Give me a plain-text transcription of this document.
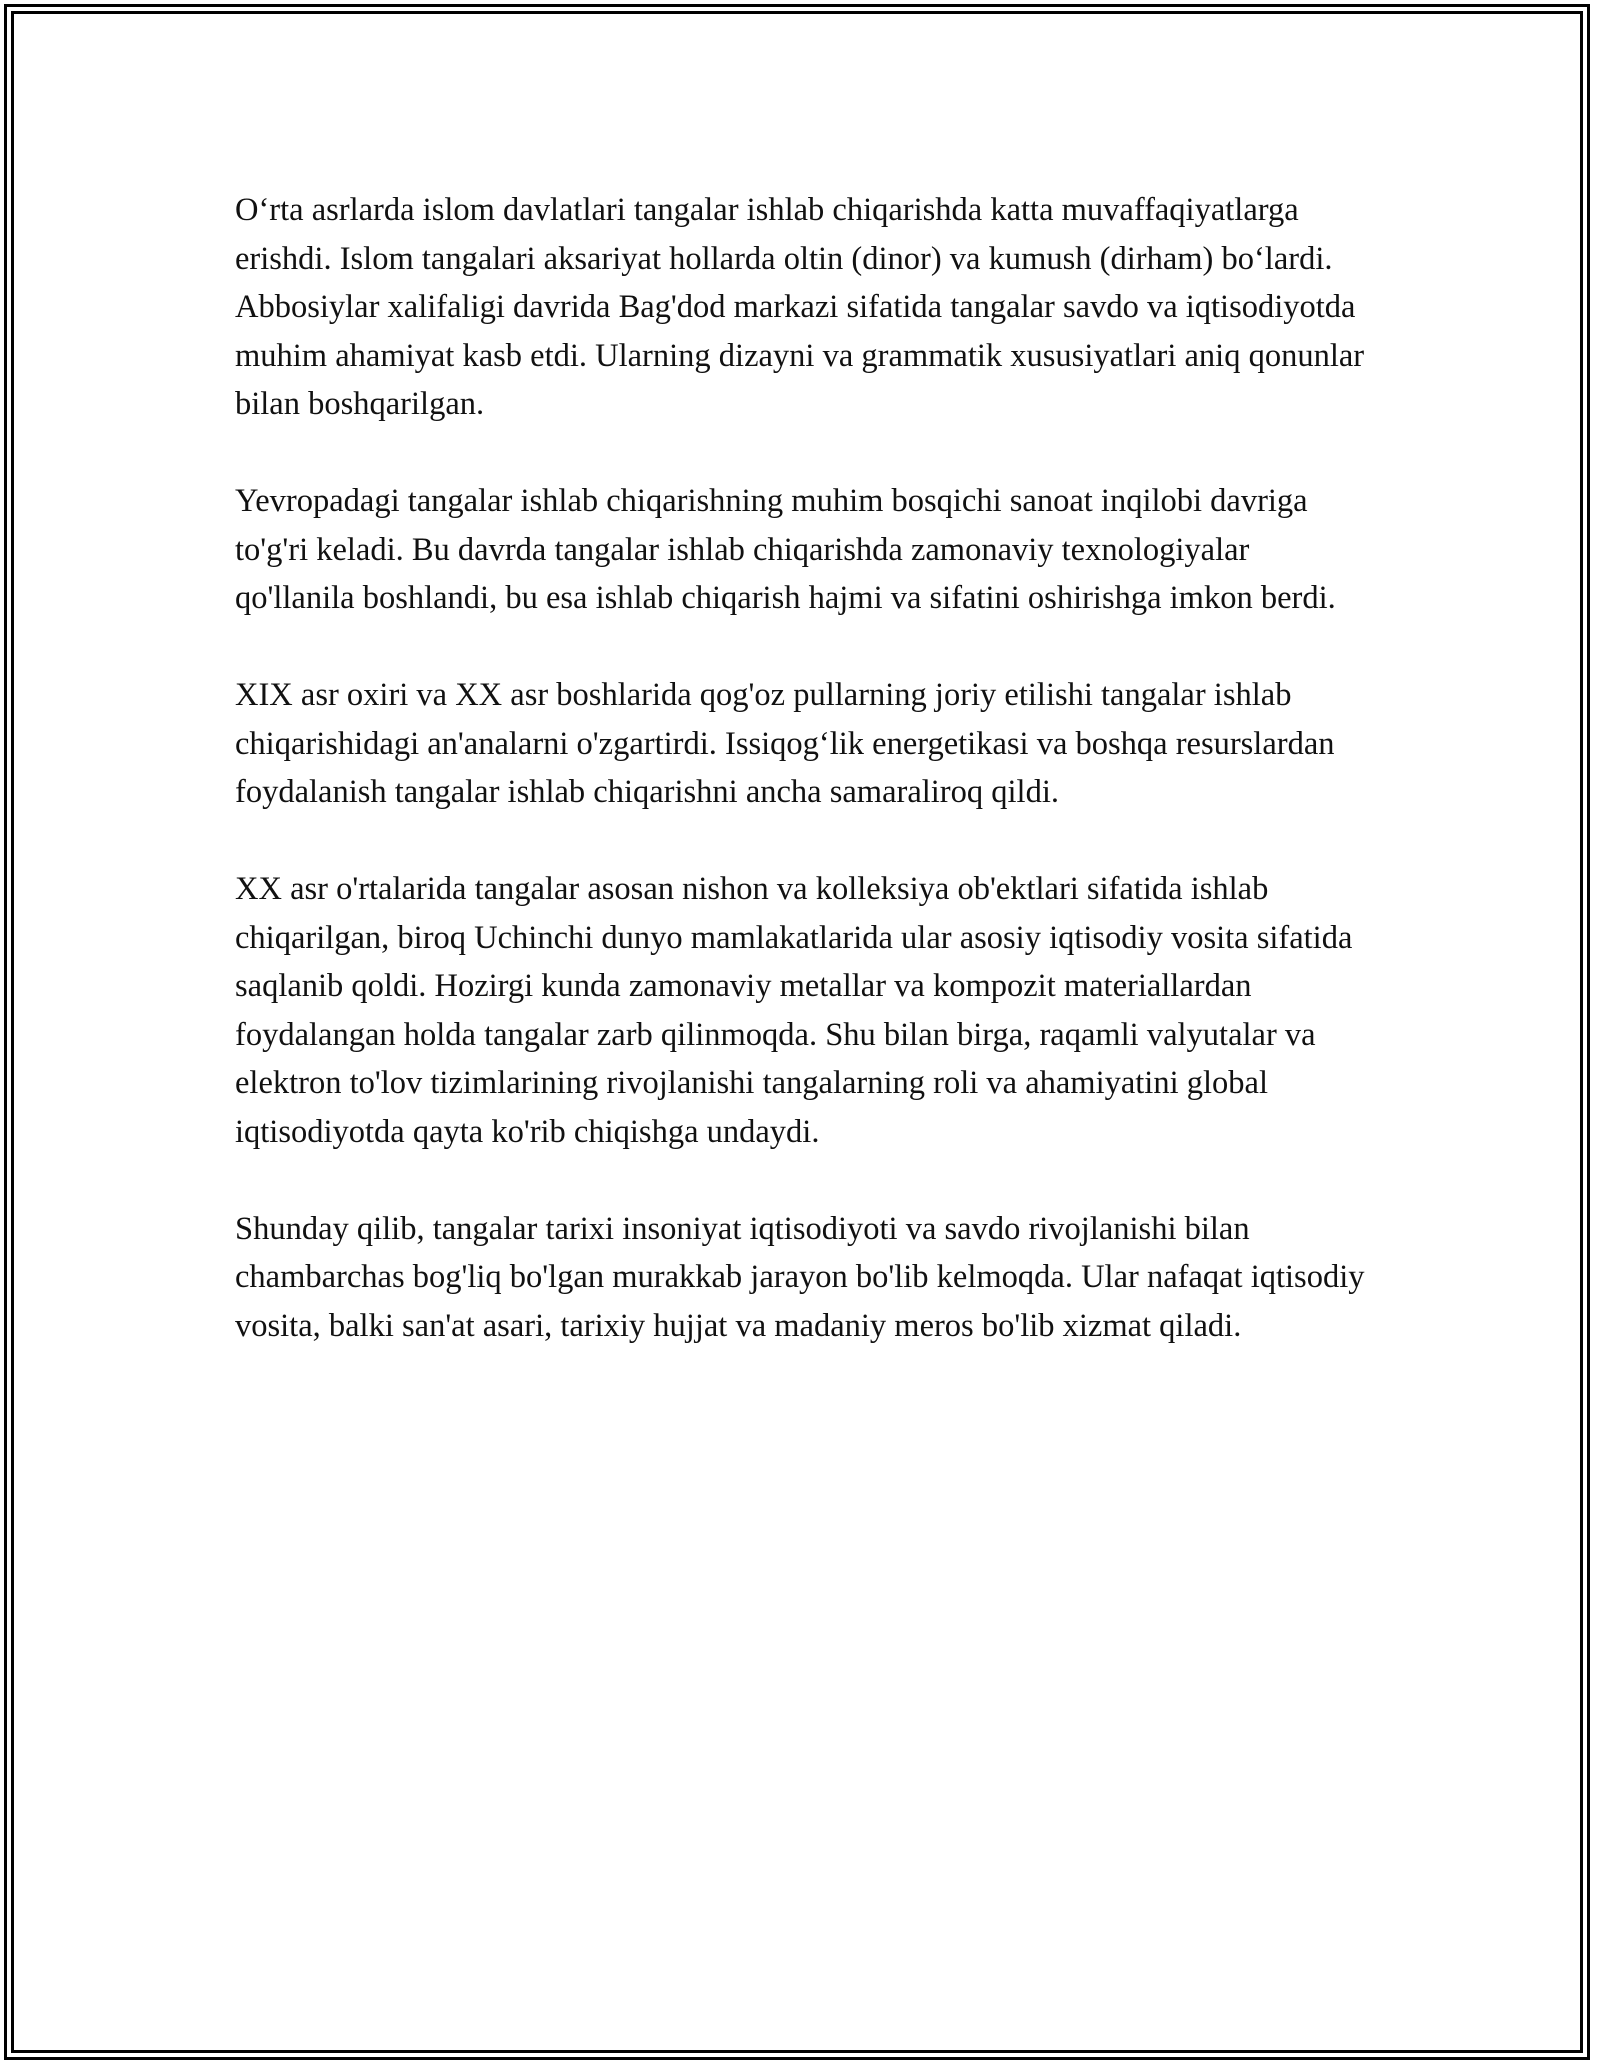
O‘rta asrlarda islom davlatlari tangalar ishlab chiqarishda katta muvaffaqiyatlarga erishdi. Islom tangalari aksariyat hollarda oltin (dinor) va kumush (dirham) bo‘lardi. Abbosiylar xalifaligi davrida Bag'dod markazi sifatida tangalar savdo va iqtisodiyotda muhim ahamiyat kasb etdi. Ularning dizayni va grammatik xususiyatlari aniq qonunlar bilan boshqarilgan.

Yevropadagi tangalar ishlab chiqarishning muhim bosqichi sanoat inqilobi davriga to'g'ri keladi. Bu davrda tangalar ishlab chiqarishda zamonaviy texnologiyalar qo'llanila boshlandi, bu esa ishlab chiqarish hajmi va sifatini oshirishga imkon berdi.

XIX asr oxiri va XX asr boshlarida qog'oz pullarning joriy etilishi tangalar ishlab chiqarishidagi an'analarni o'zgartirdi. Issiqog‘lik energetikasi va boshqa resurslardan foydalanish tangalar ishlab chiqarishni ancha samaraliroq qildi.

XX asr o'rtalarida tangalar asosan nishon va kolleksiya ob'ektlari sifatida ishlab chiqarilgan, biroq Uchinchi dunyo mamlakatlarida ular asosiy iqtisodiy vosita sifatida saqlanib qoldi. Hozirgi kunda zamonaviy metallar va kompozit materiallardan foydalangan holda tangalar zarb qilinmoqda. Shu bilan birga, raqamli valyutalar va elektron to'lov tizimlarining rivojlanishi tangalarning roli va ahamiyatini global iqtisodiyotda qayta ko'rib chiqishga undaydi.

Shunday qilib, tangalar tarixi insoniyat iqtisodiyoti va savdo rivojlanishi bilan chambarchas bog'liq bo'lgan murakkab jarayon bo'lib kelmoqda. Ular nafaqat iqtisodiy vosita, balki san'at asari, tarixiy hujjat va madaniy meros bo'lib xizmat qiladi.
